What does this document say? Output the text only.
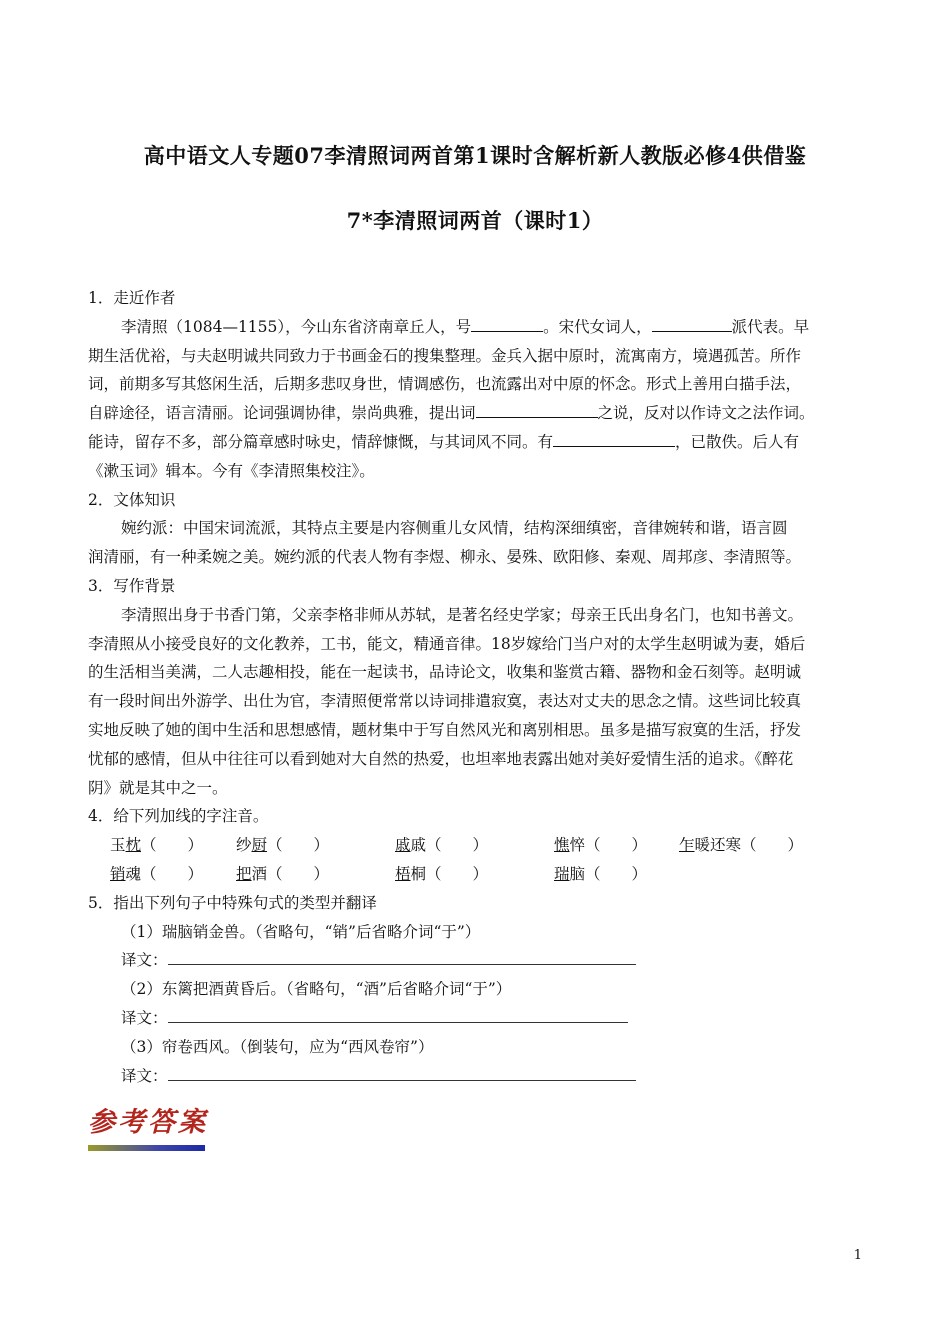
高中语文人专题07李清照词两首第1课时含解析新人教版必修4供借鉴
7*李清照词两首（课时1）
1．走近作者
李清照（1084—1155），今山东省济南章丘人，号	。宋代女词人，	派代表。早
期生活优裕，与夫赵明诚共同致力于书画金石的搜集整理。金兵入据中原时，流寓南方，境遇孤苦。所作
词，前期多写其悠闲生活，后期多悲叹身世，情调感伤，也流露出对中原的怀念。形式上善用白描手法，
自辟途径，语言清丽。论词强调协律，崇尚典雅，提出词	之说，反对以作诗文之法作词。
能诗，留存不多，部分篇章感时咏史，情辞慷慨，与其词风不同。有	，已散佚。后人有
《漱玉词》辑本。今有《李清照集校注》。
2．文体知识
婉约派：中国宋词流派，其特点主要是内容侧重儿女风情，结构深细缜密，音律婉转和谐，语言圆
润清丽，有一种柔婉之美。婉约派的代表人物有李煜、柳永、晏殊、欧阳修、秦观、周邦彦、李清照等。
3．写作背景
李清照出身于书香门第，父亲李格非师从苏轼，是著名经史学家；母亲王氏出身名门，也知书善文。
李清照从小接受良好的文化教养，工书，能文，精通音律。18岁嫁给门当户对的太学生赵明诚为妻，婚后
的生活相当美满，二人志趣相投，能在一起读书，品诗论文，收集和鉴赏古籍、器物和金石刻等。赵明诚
有一段时间出外游学、出仕为官，李清照便常常以诗词排遣寂寞，表达对丈夫的思念之情。这些词比较真
实地反映了她的闺中生活和思想感情，题材集中于写自然风光和离别相思。虽多是描写寂寞的生活，抒发
忧郁的感情，但从中往往可以看到她对大自然的热爱，也坦率地表露出她对美好爱情生活的追求。《醉花
阴》就是其中之一。
4．给下列加线的字注音。
玉枕（　　） 纱厨（　　）	戚戚（　　）	憔悴（　　） 乍暖还寒（　　）
销魂（　　） 把酒（　　）	梧桐（　　）	瑞脑（　　）
5．指出下列句子中特殊句式的类型并翻译
（1）瑞脑销金兽。（省略句，“销”后省略介词“于”）
译文：
（2）东篱把酒黄昏后。（省略句，“酒”后省略介词“于”）
译文：
（3）帘卷西风。（倒装句，应为“西风卷帘”）
译文：
参考答案
1
